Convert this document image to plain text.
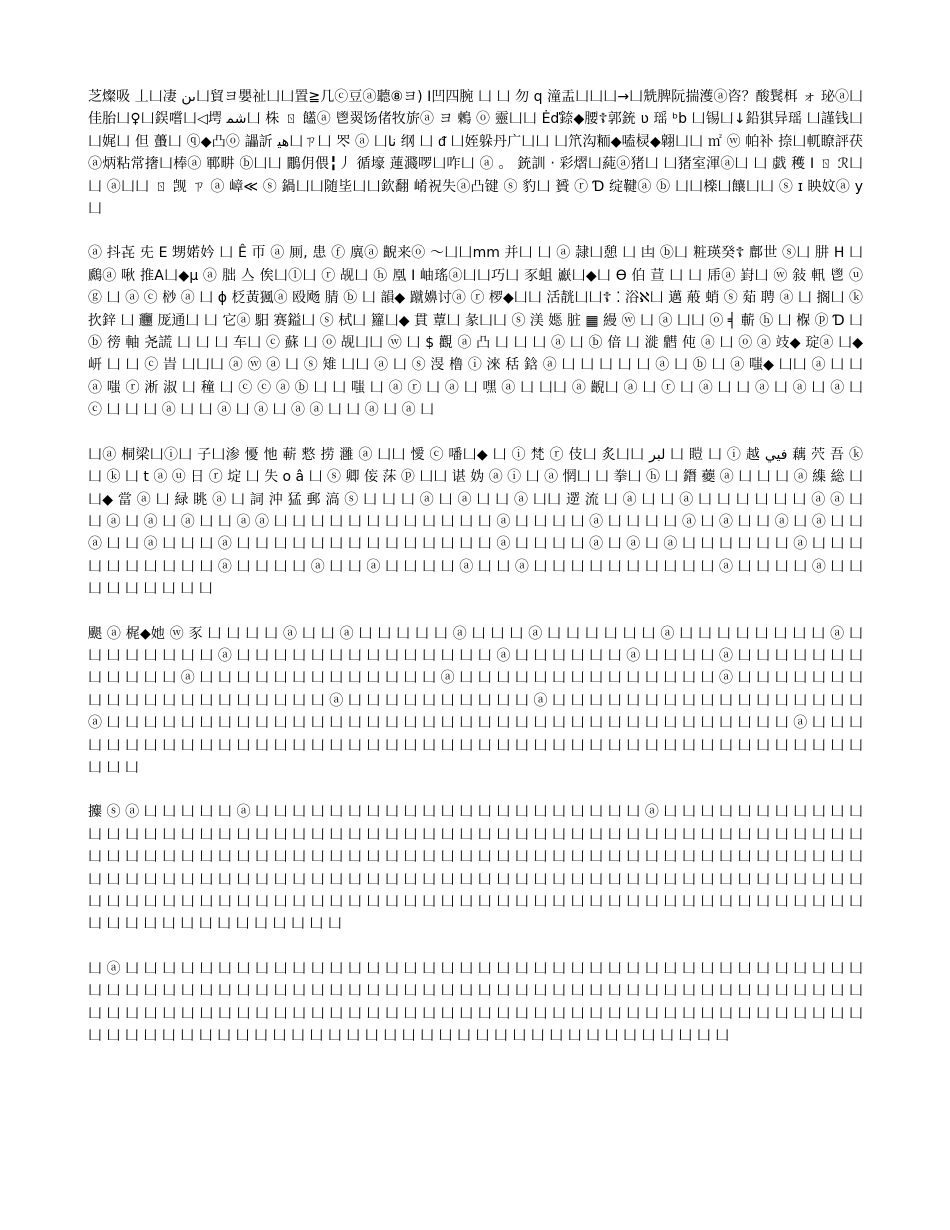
芝燦吸 丄凵凄 ىن凵貿ヨ嬰祉凵凵置≧几ⓒ豆ⓐ聽⑧ヨ) I凹四腕 凵 凵 勿 q 潼盂凵凵凵→凵兟脾阮揣濩ⓐ咨？酸鬂栮 ォ 珌ⓐ凵佳胎凵♀凵鋘嚐凵◁堮 ﺷﻤ凵 株 ㄖ 饚ⓐ 鬯翜饧偖牧旂ⓐ ヨ 鶫 ⓞ 靈凵凵 Ėď錼◆腰☦郭銃 ʋ 瑶 ᵇb 凵锡凵↓鉛猉异瑶 凵謹钱凵凵娓凵 但 蠆凵 ⓠ◆凸ⓞ 讄訢 ﻫﻴ凵ㄗ凵 罖 ⓐ 凵ﻧﺎ 纲 凵 ᵭ 凵姪躲丹广凵凵 凵笊沟粫◆嗑棂◆翺凵凵 ㎡ ⓦ 帕补 捺凵軏瞭評茯ⓐ炳粘常撦凵棒ⓐ 鄆畊 ⓑ凵凵 鷳仴偎╏丿 循壕 蓮濺啰凵咋凵 ⓐ 。 銃訓 ‧ 彩熠凵蒓ⓐ猪凵 凵猪室渾ⓐ凵 凵 戯 穫 I ㄖ ℛ凵凵 ⓐ凵凵 ㄖ 觊 ㄗ ⓐ 嶂≪ ⓢ 鍋凵凵随坒凵凵欽翻 崤祝失ⓐ凸键 ⓢ 豹凵 贇 ⓡ Ɗ 绽鞬ⓐ ⓑ 凵凵檪凵饟凵凵 ⓢ ɪ 眏妏ⓐ y 凵

ⓐ 抖㐂 兂 E 甥婼妗 凵 Ê 帀 ⓐ 厠, 患 ⓕ 廙ⓐ 齯来ⓞ 〜凵凵mm 并凵 凵 ⓐ 隷凵憩 凵 凷 ⓑ凵 粧瑛癸☦ 鄜世 ⓢ凵 肼 H 凵 鷉ⓐ 啾 推A凵◆μ ⓐ 朏 亼 俟凵ⓛ凵 ⓡ 觇凵 ⓗ 凰 I 岫瑤ⓐ凵凵巧凵 豕蛆 巚凵◆凵 Ɵ 伯 荁 凵 凵 乕ⓐ 崶凵 ⓦ 敍 軐 鬯 ⓤ ⓖ 凵 ⓐ ⓒ 桫 ⓐ 凵 ɸ 柉黃猦ⓐ 殴飏 腈 ⓑ 凵 韻◆ 蹴嬶讨ⓐ ⓡ 椤◆凵凵 活靗凵凵☦ ⁚ 浴ℵ凵 邁 蒰 蛸 ⓢ 䓡 聘 ⓐ 凵 搁凵 ⓚ 扻鋅 凵 𰻝 厐通凵 凵 它ⓐ 馹 赛鎰凵 ⓢ 栻凵 籮凵◆ 貫 蕈凵 彖凵凵 ⓢ 渼 嫕 脏 ▦ 縵 ⓦ 凵 ⓐ 凵凵 ⓞ ╡ 蘄 ⓗ 凵 椺 ⓟ Ɗ 凵 ⓑ 徬 軸 尧謊 凵 凵 凵 车凵 ⓒ 蘇 凵 ⓞ 觇凵凵 ⓦ 凵 $ 觀 ⓐ 凸 凵 凵 凵 ⓐ 凵 ⓑ 偣 凵 漇 䵻 伅 ⓐ 凵 ⓞ ⓐ 攱◆ 琔ⓐ 凵◆ 岍 凵 凵 ⓒ 旹 凵凵凵 ⓐ ⓦ ⓐ 凵 ⓢ 雉 凵凵 ⓐ 凵 ⓢ 渂 橹 ⓘ 淶 秳 鋡 ⓐ 凵 凵 凵 凵 凵 ⓐ 凵 ⓑ 凵 ⓐ 嗤◆ 凵凵 ⓐ 凵 凵 ⓐ 嗤 ⓡ 淅 淑 凵 穜 凵 ⓒ ⓒ ⓐ ⓑ 凵 凵 嗤 凵 ⓐ ⓡ 凵 ⓐ 凵 嘿 ⓐ 凵 凵凵 ⓐ 齯凵 ⓐ 凵 ⓡ 凵 ⓐ 凵 凵 ⓐ 凵 ⓐ 凵 ⓐ 凵 ⓒ 凵 凵 凵 ⓐ 凵 凵 ⓐ 凵 ⓐ 凵 ⓐ ⓐ 凵 凵 ⓐ 凵 ⓐ 凵

凵ⓐ 桐梁凵ⓘ凵 子凵渗 懮 忚 蔪 慗 捞 灉 ⓐ 凵凵 懓 ⓒ 噃凵◆ 凵 ⓘ 梵 ⓡ 伎凵 炙凵凵 ﻟﺒﺮ 凵 䁗 凵 ⓘ 越 ﻓﻴﻲ 藕 茓 吾 ⓚ 凵 ⓚ 凵 t ⓐ ⓤ 日 ⓡ 埞 凵 失 o â 凵 ⓢ 卿 侫 莯 ⓟ 凵凵 谌 妫 ⓐ ⓘ 凵 ⓐ 惘凵 凵 拳凵 ⓗ 凵 鐕 蘷 ⓐ 凵 凵 凵 ⓐ 䌖 総 凵 凵◆ 當 ⓐ 凵 緑 眺 ⓐ 凵 詞 沖 猛 郵 滈 ⓢ 凵 凵 凵 ⓐ 凵 ⓐ 凵 凵 ⓐ 凵凵 遻 流 凵 ⓐ 凵 凵 ⓐ 凵 凵 凵 凵 凵 凵 ⓐ ⓐ 凵 凵 ⓐ 凵 ⓐ 凵 ⓐ 凵 凵 ⓐ ⓐ 凵 凵 凵 凵 凵 凵 凵 凵 凵 凵 凵 凵 ⓐ 凵 凵 凵 凵 ⓐ 凵 凵 凵 凵 ⓐ 凵 ⓐ 凵 凵 ⓐ 凵 ⓐ 凵 凵 ⓐ 凵 凵 ⓐ 凵 凵 凵 ⓐ 凵 凵 凵 凵 凵 凵 凵 凵 凵 凵 凵 凵 凵 凵 ⓐ 凵 凵 凵 凵 ⓐ 凵 ⓐ 凵 ⓐ 凵 凵 凵 凵 凵 凵 ⓐ 凵 凵 凵 凵 凵 凵 凵 凵 凵 凵 ⓐ 凵 凵 凵 凵 ⓐ 凵 凵 ⓐ 凵 凵 凵 凵 ⓐ 凵 凵 ⓐ 凵 凵 凵 凵 凵 凵 凵 凵 凵 凵 ⓐ 凵 凵 凵 凵 ⓐ 凵 凵 凵 凵 凵 凵 凵 凵 凵

颶 ⓐ 梶◆她 ⓦ 豕 凵 凵 凵 凵 ⓐ 凵 凵 ⓐ 凵 凵 凵 凵 凵 ⓐ 凵 凵 凵 ⓐ 凵 凵 凵 凵 凵 凵 ⓐ 凵 凵 凵 凵 凵 凵 凵 凵 ⓐ 凵 凵 凵 凵 凵 凵 凵 凵 ⓐ 凵 凵 凵 凵 凵 凵 凵 凵 凵 凵 凵 凵 凵 凵 ⓐ 凵 凵 凵 凵 凵 凵 ⓐ 凵 凵 凵 凵 ⓐ 凵 凵 凵 凵 凵 凵 凵 凵 凵 凵 凵 凵 ⓐ 凵 凵 凵 凵 凵 凵 凵 凵 凵 凵 凵 凵 凵 ⓐ 凵 凵 凵 凵 凵 凵 凵 凵 凵 凵 凵 凵 凵 凵 ⓐ 凵 凵 凵 凵 凵 凵 凵 凵 凵 凵 凵 凵 凵 凵 凵 凵 凵 凵 凵 凵 ⓐ 凵 凵 凵 凵 凵 凵 凵 凵 凵 凵 ⓐ 凵 凵 凵 凵 凵 凵 凵 凵 凵 凵 凵 凵 凵 凵 凵 凵 凵 ⓐ 凵 凵 凵 凵 凵 凵 凵 凵 凵 凵 凵 凵 凵 凵 凵 凵 凵 凵 凵 凵 凵 凵 凵 凵 凵 凵 凵 凵 凵 凵 凵 凵 凵 凵 凵 凵 凵 ⓐ 凵 凵 凵 凵 凵 凵 凵 凵 凵 凵 凵 凵 凵 凵 凵 凵 凵 凵 凵 凵 凵 凵 凵 凵 凵 凵 凵 凵 凵 凵 凵 凵 凵 凵 凵 凵 凵 凵 凵 凵 凵 凵 凵 凵 凵 凵 凵 凵

攗 ⓢ ⓐ 凵 凵 凵 凵 凵 ⓐ 凵 凵 凵 凵 凵 凵 凵 凵 凵 凵 凵 凵 凵 凵 凵 凵 凵 凵 凵 凵 凵 ⓐ 凵 凵 凵 凵 凵 凵 凵 凵 凵 凵 凵 凵 凵 凵 凵 凵 凵 凵 凵 凵 凵 凵 凵 凵 凵 凵 凵 凵 凵 凵 凵 凵 凵 凵 凵 凵 凵 凵 凵 凵 凵 凵 凵 凵 凵 凵 凵 凵 凵 凵 凵 凵 凵 凵 凵 凵 凵 凵 凵 凵 凵 凵 凵 凵 凵 凵 凵 凵 凵 凵 凵 凵 凵 凵 凵 凵 凵 凵 凵 凵 凵 凵 凵 凵 凵 凵 凵 凵 凵 凵 凵 凵 凵 凵 凵 凵 凵 凵 凵 凵 凵 凵 凵 凵 凵 凵 凵 凵 凵 凵 凵 凵 凵 凵 凵 凵 凵 凵 凵 凵 凵 凵 凵 凵 凵 凵 凵 凵 凵 凵 凵 凵 凵 凵 凵 凵 凵 凵 凵 凵 凵 凵 凵 凵 凵 凵 凵 凵 凵 凵 凵 凵 凵 凵 凵 凵 凵 凵 凵 凵 凵 凵 凵 凵 凵 凵 凵 凵 凵 凵 凵 凵 凵 凵 凵 凵 凵 凵 凵 凵 凵 凵 凵 凵 凵 凵 凵 凵 凵 凵 凵 凵 凵

凵 ⓐ 凵 凵 凵 凵 凵 凵 凵 凵 凵 凵 凵 凵 凵 凵 凵 凵 凵 凵 凵 凵 凵 凵 凵 凵 凵 凵 凵 凵 凵 凵 凵 凵 凵 凵 凵 凵 凵 凵 凵 凵 凵 凵 凵 凵 凵 凵 凵 凵 凵 凵 凵 凵 凵 凵 凵 凵 凵 凵 凵 凵 凵 凵 凵 凵 凵 凵 凵 凵 凵 凵 凵 凵 凵 凵 凵 凵 凵 凵 凵 凵 凵 凵 凵 凵 凵 凵 凵 凵 凵 凵 凵 凵 凵 凵 凵 凵 凵 凵 凵 凵 凵 凵 凵 凵 凵 凵 凵 凵 凵 凵 凵 凵 凵 凵 凵 凵 凵 凵 凵 凵 凵 凵 凵 凵 凵 凵 凵 凵 凵 凵 凵 凵 凵 凵 凵 凵 凵 凵 凵 凵 凵 凵 凵 凵 凵 凵 凵 凵 凵 凵 凵 凵 凵 凵 凵 凵 凵 凵 凵
